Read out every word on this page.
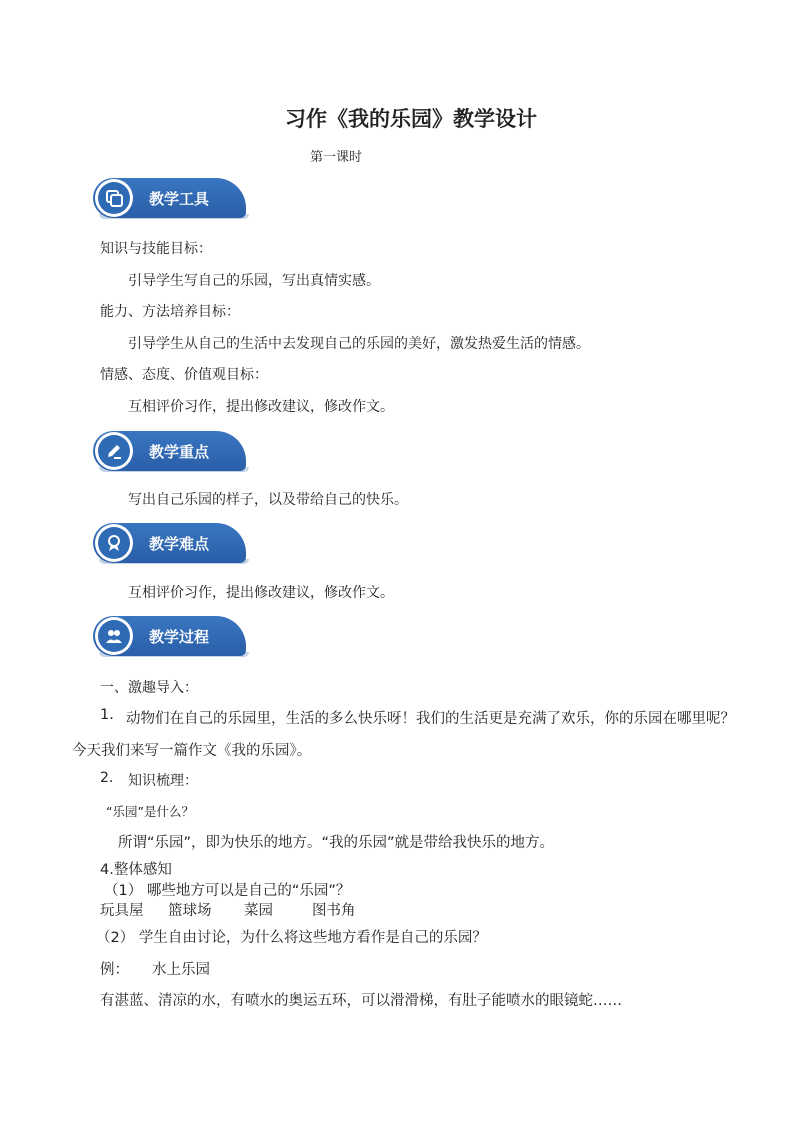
习作《我的乐园》教学设计
第一课时
教学工具
知识与技能目标：
引导学生写自己的乐园，写出真情实感。
能力、方法培养目标：
引导学生从自己的生活中去发现自己的乐园的美好，激发热爱生活的情感。
情感、态度、价值观目标：
互相评价习作，提出修改建议，修改作文。
教学重点
写出自己乐园的样子，以及带给自己的快乐。
教学难点
互相评价习作，提出修改建议，修改作文。
教学过程
一、激趣导入：
1. 动物们在自己的乐园里，生活的多么快乐呀！我们的生活更是充满了欢乐，你的乐园在哪里呢？
今天我们来写一篇作文《我的乐园》。
2. 知识梳理：
“乐园”是什么？
所谓“乐园”，即为快乐的地方。“我的乐园”就是带给我快乐的地方。
4.整体感知
（1） 哪些地方可以是自己的“乐园”？
玩具屋 篮球场 菜园	图书角
（2） 学生自由讨论，为什么将这些地方看作是自己的乐园？
例： 水上乐园
有湛蓝、清凉的水，有喷水的奥运五环，可以滑滑梯，有肚子能喷水的眼镜蛇……
